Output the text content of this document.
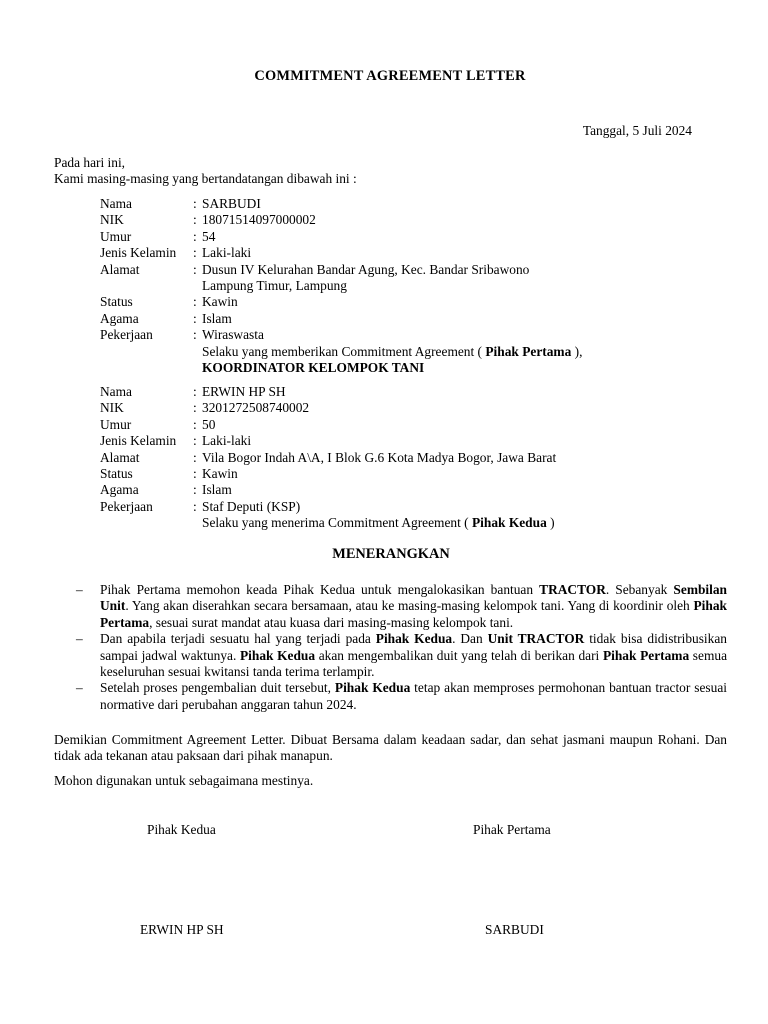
COMMITMENT AGREEMENT LETTER
Tanggal, 5 Juli 2024
Pada hari ini,
Kami masing-masing yang bertandatangan dibawah ini :
Nama	: SARBUDI
NIK	: 18071514097000002
Umur	: 54
Jenis Kelamin	: Laki-laki
Alamat	: Dusun IV Kelurahan Bandar Agung, Kec. Bandar Sribawono
Lampung Timur, Lampung
Status	: Kawin
Agama	: Islam
Pekerjaan	: Wiraswasta
Selaku yang memberikan Commitment Agreement ( Pihak Pertama ),
KOORDINATOR KELOMPOK TANI
Nama	: ERWIN HP SH
NIK	: 3201272508740002
Umur	: 50
Jenis Kelamin	: Laki-laki
Alamat	: Vila Bogor Indah A\A, I Blok G.6 Kota Madya Bogor, Jawa Barat
Status	: Kawin
Agama	: Islam
Pekerjaan	: Staf Deputi (KSP)
Selaku yang menerima Commitment Agreement ( Pihak Kedua )
MENERANGKAN
– Pihak Pertama memohon keada Pihak Kedua untuk mengalokasikan bantuan TRACTOR. Sebanyak Sembilan Unit. Yang akan diserahkan secara bersamaan, atau ke masing-masing kelompok tani. Yang di koordinir oleh Pihak Pertama, sesuai surat mandat atau kuasa dari masing-masing kelompok tani.
– Dan apabila terjadi sesuatu hal yang terjadi pada Pihak Kedua. Dan Unit TRACTOR tidak bisa didistribusikan sampai jadwal waktunya. Pihak Kedua akan mengembalikan duit yang telah di berikan dari Pihak Pertama semua keseluruhan sesuai kwitansi tanda terima terlampir.
– Setelah proses pengembalian duit tersebut, Pihak Kedua tetap akan memproses permohonan bantuan tractor sesuai normative dari perubahan anggaran tahun 2024.
Demikian Commitment Agreement Letter. Dibuat Bersama dalam keadaan sadar, dan sehat jasmani maupun Rohani. Dan tidak ada tekanan atau paksaan dari pihak manapun.
Mohon digunakan untuk sebagaimana mestinya.
Pihak Kedua	Pihak Pertama
ERWIN HP SH	SARBUDI
